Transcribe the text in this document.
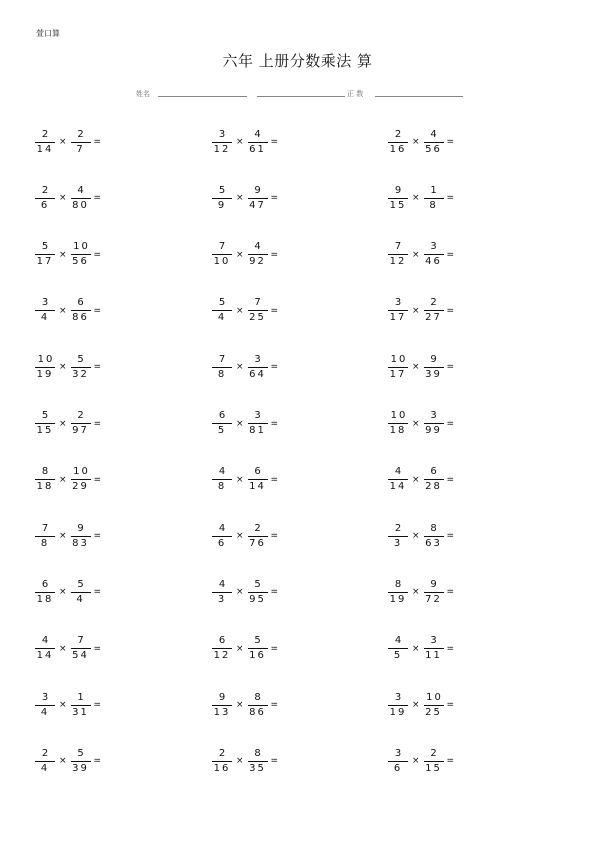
萱口算
六年 上册分数乘法 算
姓名	正 数
$\frac{2}{14} \times \frac{2}{7}$ =
$\frac{2}{6} \times \frac{4}{80}$ =
$\frac{5}{17} \times \frac{10}{56}$ =
$\frac{3}{4} \times \frac{6}{86}$ =
$\frac{10}{19} \times \frac{5}{32}$ =
$\frac{5}{15} \times \frac{2}{97}$ =
$\frac{8}{18} \times \frac{10}{29}$ =
$\frac{7}{8} \times \frac{9}{83}$ =
$\frac{6}{18} \times \frac{5}{4}$ =
$\frac{4}{14} \times \frac{7}{54}$ =
$\frac{3}{4} \times \frac{1}{31}$ =
$\frac{2}{4} \times \frac{5}{39}$ =
$\frac{3}{12} \times \frac{4}{61}$ =
$\frac{5}{9} \times \frac{9}{47}$ =
$\frac{7}{10} \times \frac{4}{92}$ =
$\frac{5}{4} \times \frac{7}{25}$ =
$\frac{7}{8} \times \frac{3}{64}$ =
$\frac{6}{5} \times \frac{3}{81}$ =
$\frac{4}{8} \times \frac{6}{14}$ =
$\frac{4}{6} \times \frac{2}{76}$ =
$\frac{4}{3} \times \frac{5}{95}$ =
$\frac{6}{12} \times \frac{5}{16}$ =
$\frac{9}{13} \times \frac{8}{86}$ =
$\frac{2}{16} \times \frac{8}{35}$ =
$\frac{2}{16} \times \frac{4}{56}$ =
$\frac{9}{15} \times \frac{1}{8}$ =
$\frac{7}{12} \times \frac{3}{46}$ =
$\frac{3}{17} \times \frac{2}{27}$ =
$\frac{10}{17} \times \frac{9}{39}$ =
$\frac{10}{18} \times \frac{3}{99}$ =
$\frac{4}{14} \times \frac{6}{28}$ =
$\frac{2}{3} \times \frac{8}{63}$ =
$\frac{8}{19} \times \frac{9}{72}$ =
$\frac{4}{5} \times \frac{3}{11}$ =
$\frac{3}{19} \times \frac{10}{25}$ =
$\frac{3}{6} \times \frac{2}{15}$ =
